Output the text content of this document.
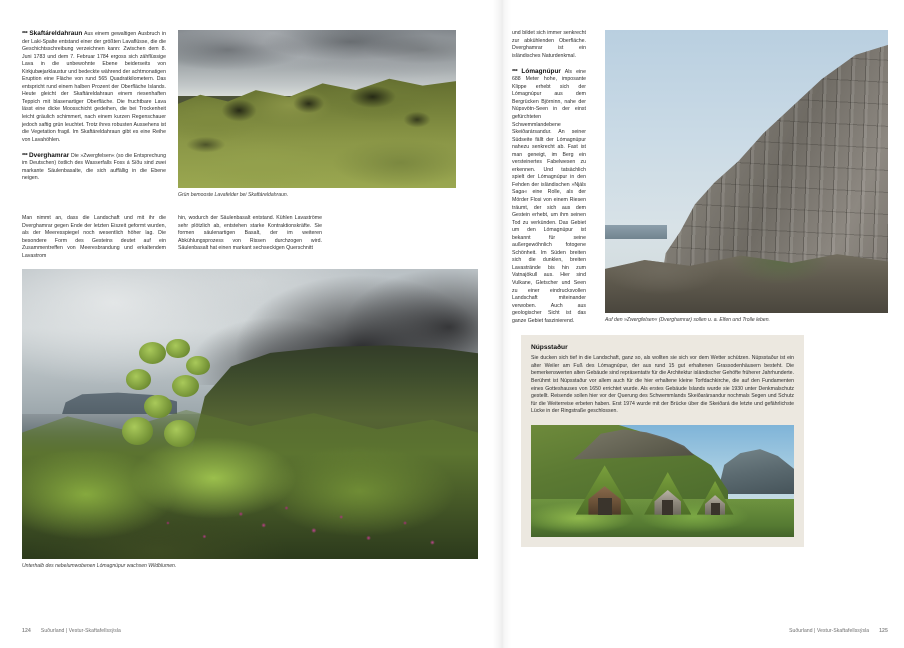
*** Skaftáreldahraun Aus einem gewaltigen Ausbruch in der Laki-Spalte entstand einer der größten Lavaflüsse, die die Geschichtsschreibung verzeichnen kann: Zwischen dem 8. Juni 1783 und dem 7. Februar 1784 ergoss sich zähflüssige Lava in die unbewohnte Ebene beiderseits von Kirkjubæjarklaustur und bedeckte während der achtmonatigen Eruption eine Fläche von rund 565 Quadratkilometern. Das entspricht rund einem halben Prozent der Oberfläche Islands. Heute gleicht der Skaftáreldahraun einem riesenhaften Teppich mit blasenartiger Oberfläche. Die fruchtbare Lava lässt eine dicke Moosschicht gedeihen, die bei Trockenheit leicht gräulich schimmert, nach einem kurzen Regenschauer jedoch saftig grün leuchtet. Trotz ihres robusten Aussehens ist die Vegetation fragil. Im Skaftáreldahraun gibt es eine Reihe von Lavahöhlen.

*** Dverghamrar Die »Zwergfelsen« (so die Entsprechung im Deutschen) östlich des Wasserfalls Foss á Síðu sind zwei markante Säulenbasalte, die sich auffällig in die Ebene neigen.

Grün bemooste Lavafelder bei Skaftáreldahraun.

Man nimmt an, dass die Landschaft und mit ihr die Dverghamrar gegen Ende der letzten Eiszeit geformt wurden, als der Meeresspiegel noch wesentlich höher lag. Die besondere Form des Gesteins deutet auf ein Zusammentreffen von Meeresbrandung und erkaltendem Lavastrom

hin, wodurch der Säulenbasalt entstand. Kühlen Lavaströme sehr plötzlich ab, entstehen starke Kontraktionskräfte. Sie formen säulenartigen Basalt, der im weiteren Abkühlungsprozess von Rissen durchzogen wird. Säulenbasalt hat einen markant sechseckigen Querschnitt

Unterhalb des nebelumwobenen Lómagnúpur wachsen Wildblumen.
124 Suðurland | Vestur-Skaftafellssýsla

und bildet sich immer senkrecht zur abkühlenden Oberfläche. Dverghamrar ist ein isländisches Naturdenkmal.

*** Lómagnúpur Als eine 688 Meter hohe, imposante Klippe erhebt sich der Lómagnúpur aus dem Bergrücken Björninn, nahe der Núpsvötn-Seen in der einst gefürchteten Schwemmlandebene Skeiðarársandur. An seiner Südseite fällt der Lómagnúpur nahezu senkrecht ab. Fast ist man geneigt, im Berg ein versteinertes Fabelwesen zu erkennen. Und tatsächlich spielt der Lómagnúpur in den Fehden der isländischen »Njáls Saga« eine Rolle, als der Mörder Flosi von einem Riesen träumt, der sich aus dem Gestein erhebt, um ihm seinen Tod zu verkünden. Das Gebiet um den Lómagnúpur ist bekannt für seine außergewöhnlich fotogene Schönheit. Im Süden breiten sich die dunklen, breiten Lavastrände bis hin zum Vatnajökull aus. Hier sind Vulkane, Gletscher und Seen zu einer eindrucksvollen Landschaft miteinander verwoben. Auch aus geologischer Sicht ist das ganze Gebiet faszinierend.	Auf den »Zwergfelsen« (Dverghamrar) sollen u. a. Elfen und Trolle leben.
Núpsstaður
Sie ducken sich tief in die Landschaft, ganz so, als wollten sie sich vor dem Wetter schützen. Núpsstaður ist ein alter Weiler am Fuß des Lómagnúpur, der aus rund 15 gut erhaltenen Grassodenhäusern besteht. Die bemerkenswerten alten Gebäude sind repräsentativ für die Architektur isländischer Gehöfte früherer Jahrhunderte. Berühmt ist Núpsstaður vor allem auch für die hier erhaltene kleine Torfdachkirche, die auf den Fundamenten eines Gotteshauses von 1650 errichtet wurde. Als erstes Gebäude Islands wurde sie 1930 unter Denkmalschutz gestellt. Reisende sollen hier vor der Querung des Schwemmlands Skeiðarársandur nochmals Segen und Schutz für die Weiterreise erbeten haben. Erst 1974 wurde mit der Brücke über die Skeiðará die letzte und gefährlichste Lücke in der Ringstraße geschlossen.
Suðurland | Vestur-Skaftafellssýsla 125
